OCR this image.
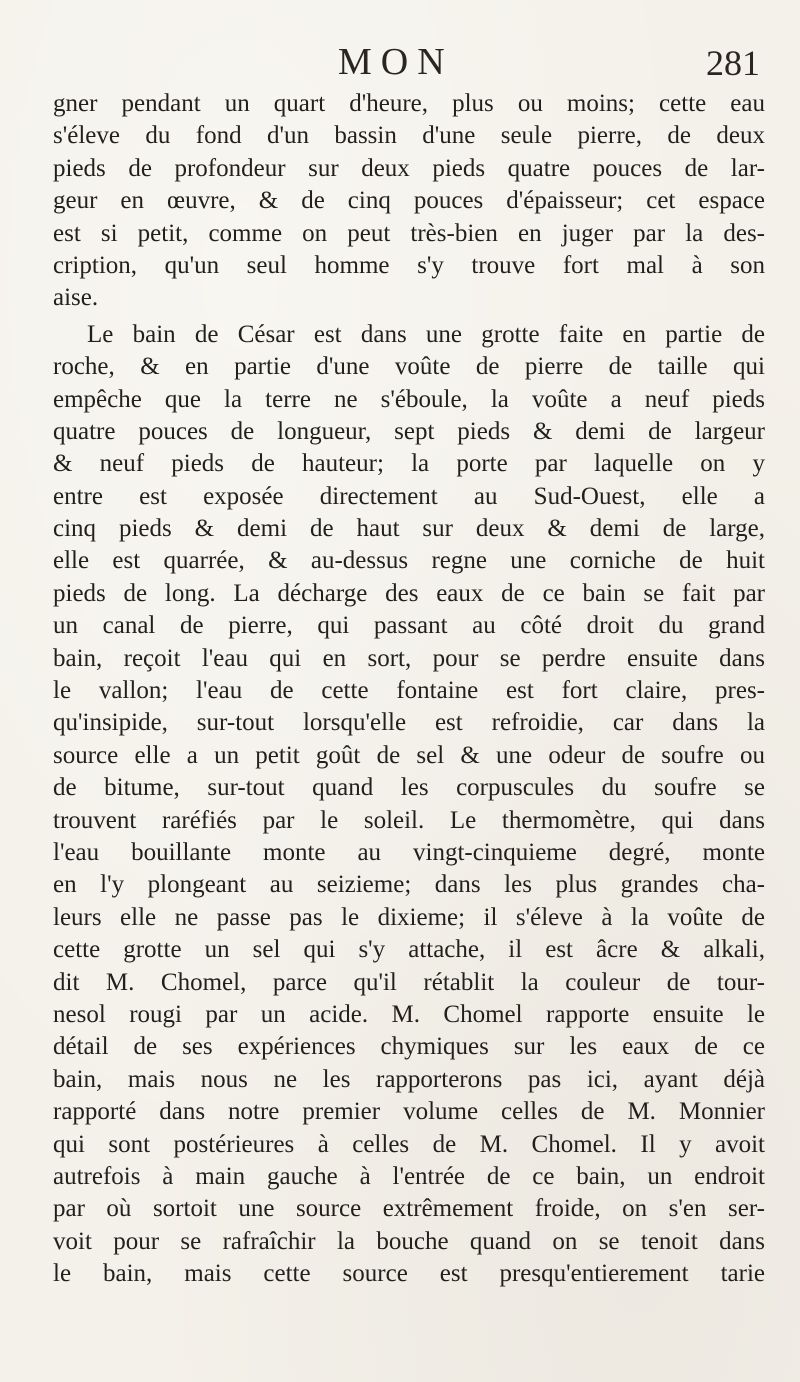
MON	281
gner pendant un quart d'heure, plus ou moins; cette eau
s'éleve du fond d'un bassin d'une seule pierre, de deux
pieds de profondeur sur deux pieds quatre pouces de lar-
geur en œuvre, & de cinq pouces d'épaisseur; cet espace
est si petit, comme on peut très-bien en juger par la des-
cription, qu'un seul homme s'y trouve fort mal à son
aise.
Le bain de César est dans une grotte faite en partie de
roche, & en partie d'une voûte de pierre de taille qui
empêche que la terre ne s'éboule, la voûte a neuf pieds
quatre pouces de longueur, sept pieds & demi de largeur
& neuf pieds de hauteur; la porte par laquelle on y
entre est exposée directement au Sud-Ouest, elle a
cinq pieds & demi de haut sur deux & demi de large,
elle est quarrée, & au-dessus regne une corniche de huit
pieds de long. La décharge des eaux de ce bain se fait par
un canal de pierre, qui passant au côté droit du grand
bain, reçoit l'eau qui en sort, pour se perdre ensuite dans
le vallon; l'eau de cette fontaine est fort claire, pres-
qu'insipide, sur-tout lorsqu'elle est refroidie, car dans la
source elle a un petit goût de sel & une odeur de soufre ou
de bitume, sur-tout quand les corpuscules du soufre se
trouvent raréfiés par le soleil. Le thermomètre, qui dans
l'eau bouillante monte au vingt-cinquieme degré, monte
en l'y plongeant au seizieme; dans les plus grandes cha-
leurs elle ne passe pas le dixieme; il s'éleve à la voûte de
cette grotte un sel qui s'y attache, il est âcre & alkali,
dit M. Chomel, parce qu'il rétablit la couleur de tour-
nesol rougi par un acide. M. Chomel rapporte ensuite le
détail de ses expériences chymiques sur les eaux de ce
bain, mais nous ne les rapporterons pas ici, ayant déjà
rapporté dans notre premier volume celles de M. Monnier
qui sont postérieures à celles de M. Chomel. Il y avoit
autrefois à main gauche à l'entrée de ce bain, un endroit
par où sortoit une source extrêmement froide, on s'en ser-
voit pour se rafraîchir la bouche quand on se tenoit dans
le bain, mais cette source est presqu'entierement tarie
